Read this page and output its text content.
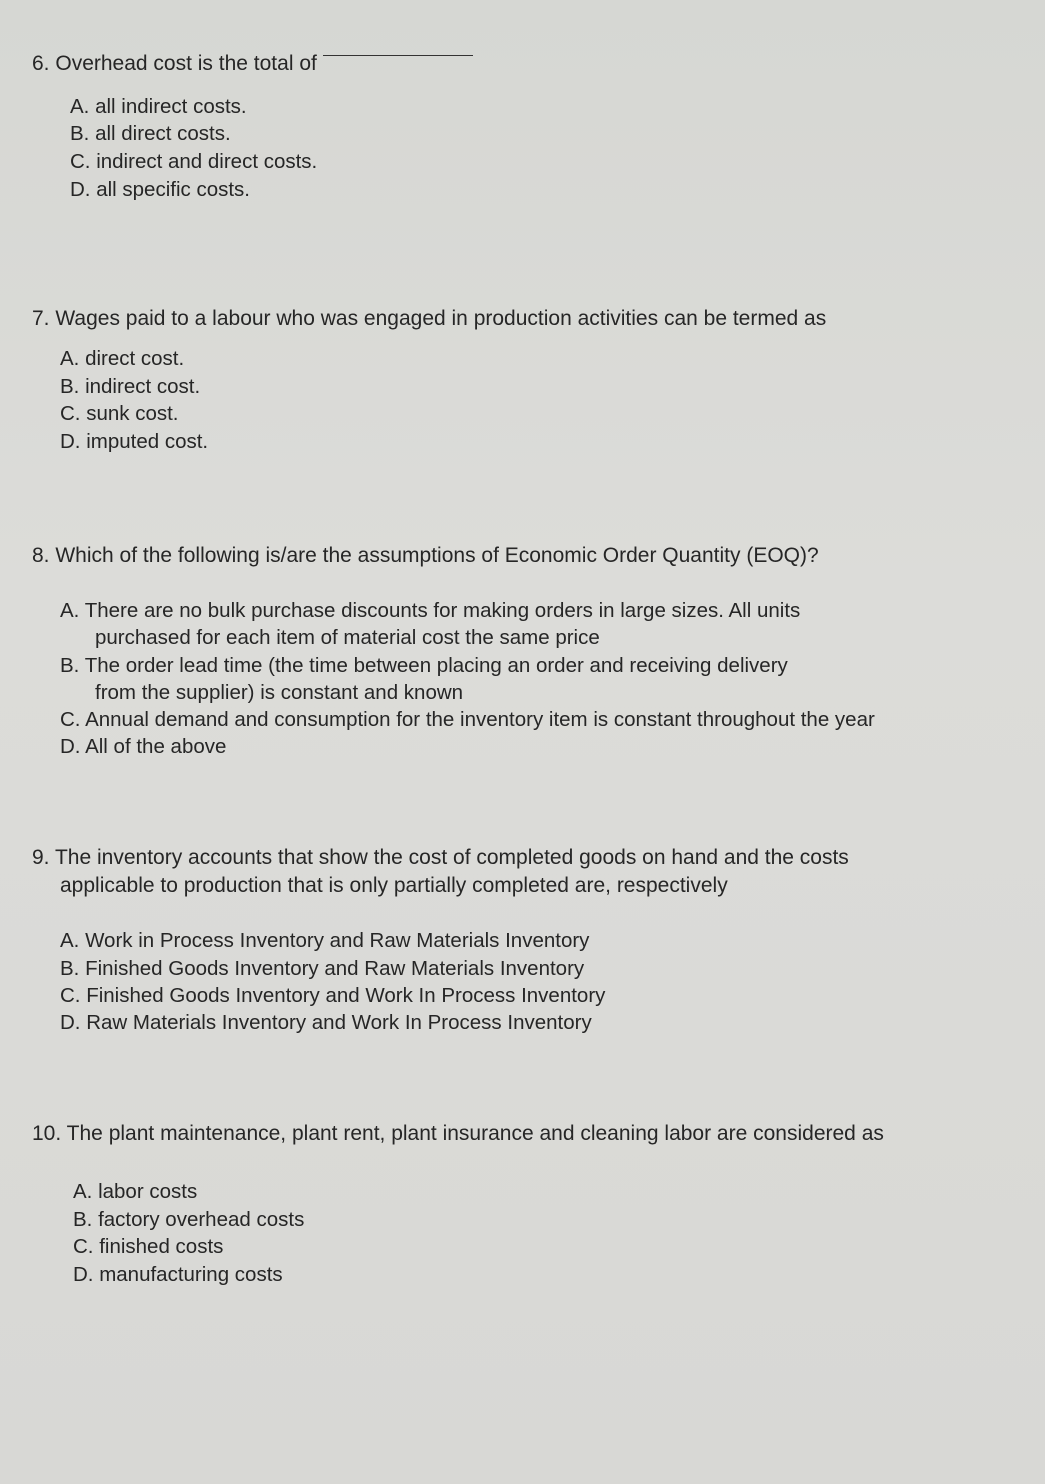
6. Overhead cost is the total of
A. all indirect costs.
B. all direct costs.
C. indirect and direct costs.
D. all specific costs.
7. Wages paid to a labour who was engaged in production activities can be termed as
A. direct cost.
B. indirect cost.
C. sunk cost.
D. imputed cost.
8. Which of the following is/are the assumptions of Economic Order Quantity (EOQ)?
A. There are no bulk purchase discounts for making orders in large sizes. All units
purchased for each item of material cost the same price
B. The order lead time (the time between placing an order and receiving delivery
from the supplier) is constant and known
C. Annual demand and consumption for the inventory item is constant throughout the year
D. All of the above
9. The inventory accounts that show the cost of completed goods on hand and the costs
applicable to production that is only partially completed are, respectively
A. Work in Process Inventory and Raw Materials Inventory
B. Finished Goods Inventory and Raw Materials Inventory
C. Finished Goods Inventory and Work In Process Inventory
D. Raw Materials Inventory and Work In Process Inventory
10. The plant maintenance, plant rent, plant insurance and cleaning labor are considered as
A. labor costs
B. factory overhead costs
C. finished costs
D. manufacturing costs
